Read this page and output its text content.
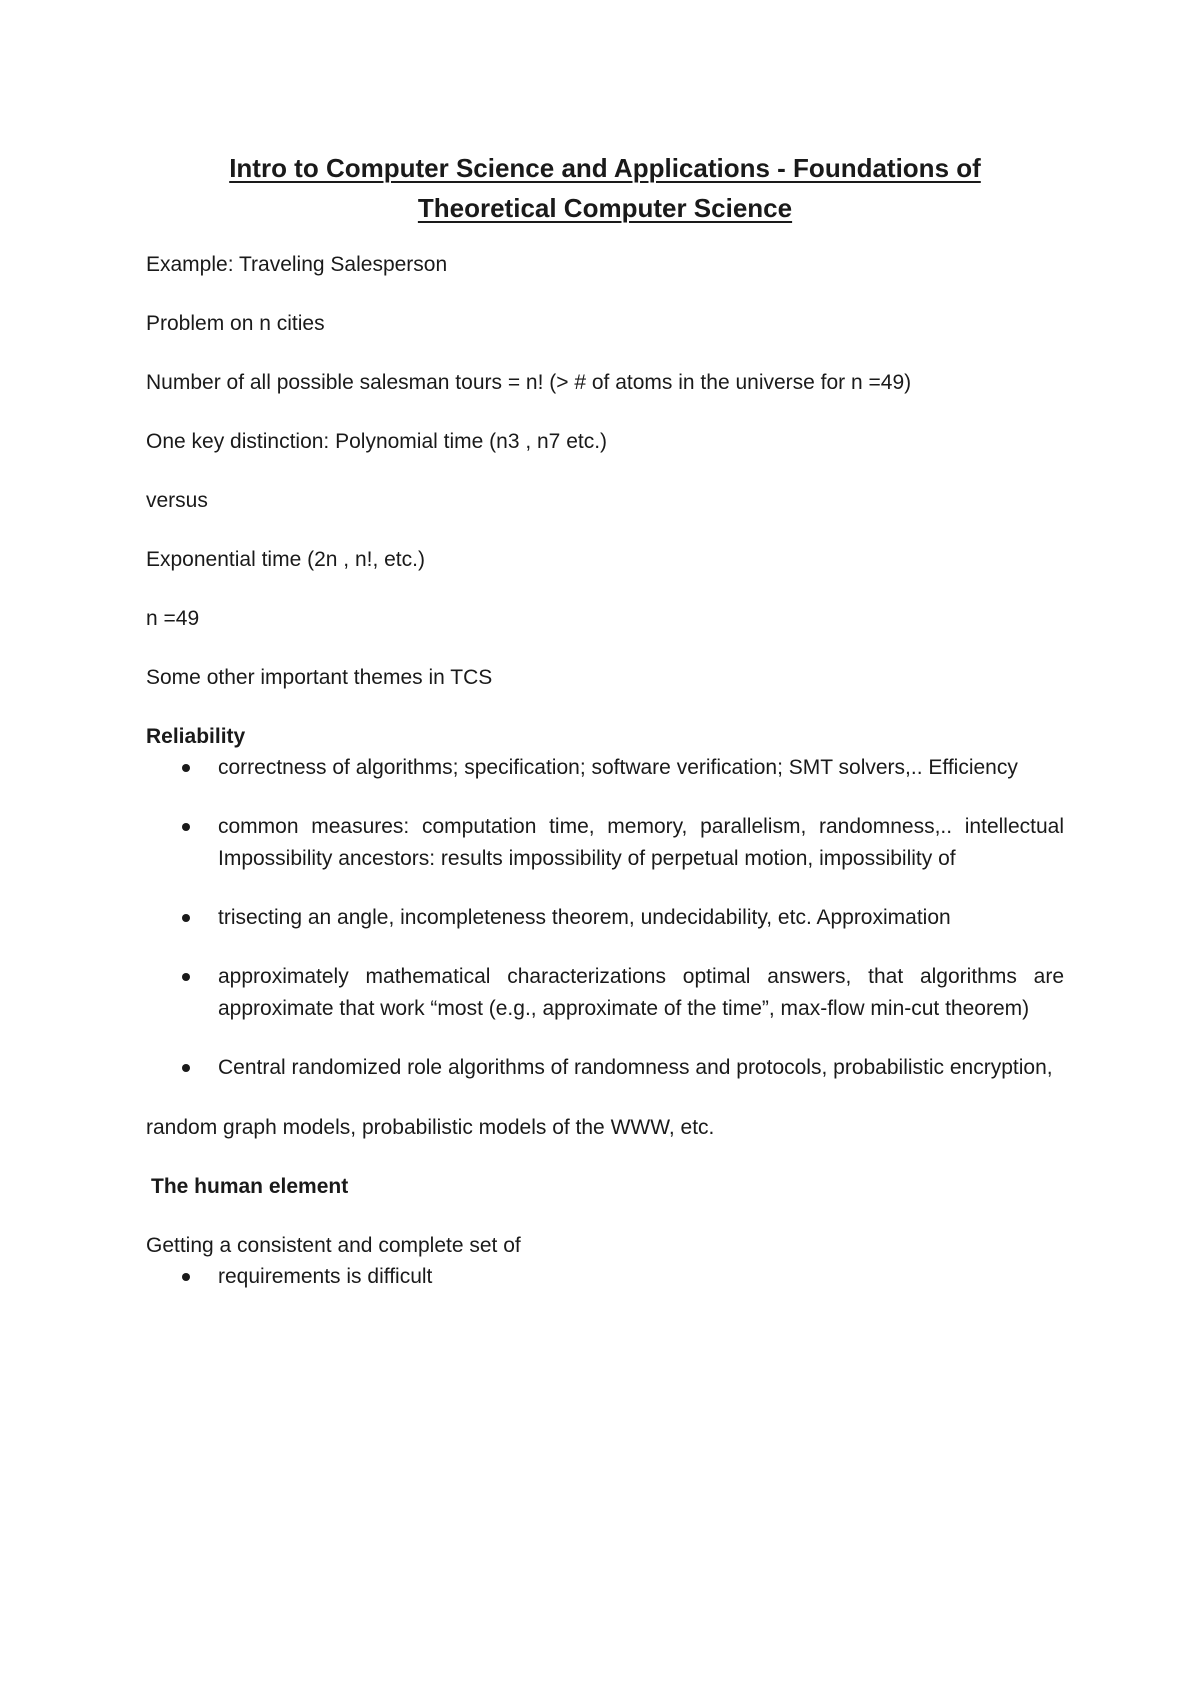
Intro to Computer Science and Applications - Foundations of
Theoretical Computer Science

Example: Traveling Salesperson

Problem on n cities

Number of all possible salesman tours = n! (> # of atoms in the universe for n =49)

One key distinction: Polynomial time (n3 , n7 etc.)

versus

Exponential time (2n , n!, etc.)

n =49

Some other important themes in TCS

Reliability

correctness of algorithms; specification; software verification; SMT solvers,.. Efficiency
common measures: computation time, memory, parallelism, randomness,.. intellectual Impossibility ancestors: results impossibility of perpetual motion, impossibility of
trisecting an angle, incompleteness theorem, undecidability, etc. Approximation
approximately mathematical characterizations optimal answers, that algorithms are approximate that work “most (e.g., approximate of the time”, max-flow min-cut theorem)
Central randomized role algorithms of randomness and protocols, probabilistic encryption,

random graph models, probabilistic models of the WWW, etc.

The human element

Getting a consistent and complete set of

requirements is difficult
